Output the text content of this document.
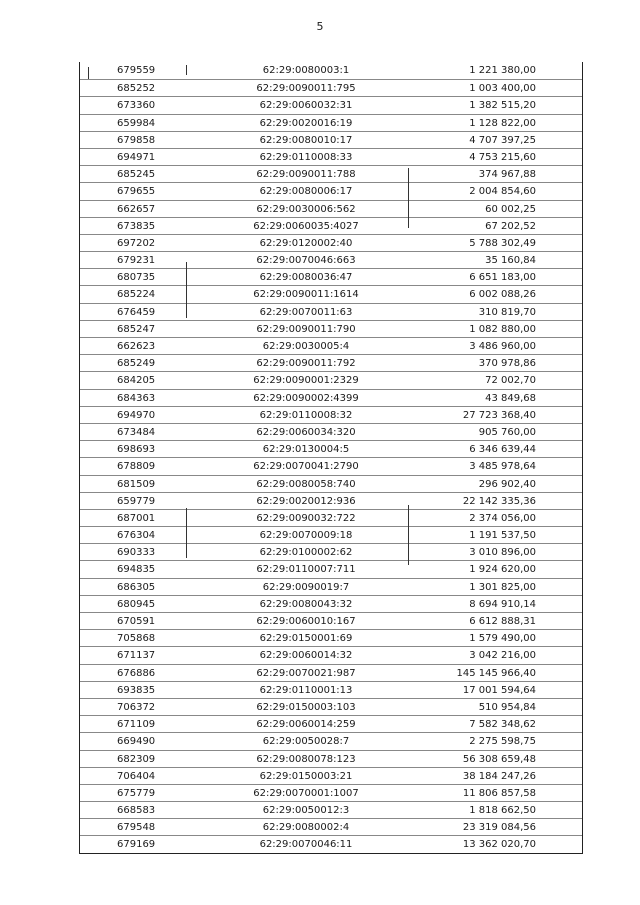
5
679559	62:29:0080003:1	1 221 380,00
685252	62:29:0090011:795	1 003 400,00
673360	62:29:0060032:31	1 382 515,20
659984	62:29:0020016:19	1 128 822,00
679858	62:29:0080010:17	4 707 397,25
694971	62:29:0110008:33	4 753 215,60
685245	62:29:0090011:788	374 967,88
679655	62:29:0080006:17	2 004 854,60
662657	62:29:0030006:562	60 002,25
673835	62:29:0060035:4027	67 202,52
697202	62:29:0120002:40	5 788 302,49
679231	62:29:0070046:663	35 160,84
680735	62:29:0080036:47	6 651 183,00
685224	62:29:0090011:1614	6 002 088,26
676459	62:29:0070011:63	310 819,70
685247	62:29:0090011:790	1 082 880,00
662623	62:29:0030005:4	3 486 960,00
685249	62:29:0090011:792	370 978,86
684205	62:29:0090001:2329	72 002,70
684363	62:29:0090002:4399	43 849,68
694970	62:29:0110008:32	27 723 368,40
673484	62:29:0060034:320	905 760,00
698693	62:29:0130004:5	6 346 639,44
678809	62:29:0070041:2790	3 485 978,64
681509	62:29:0080058:740	296 902,40
659779	62:29:0020012:936	22 142 335,36
687001	62:29:0090032:722	2 374 056,00
676304	62:29:0070009:18	1 191 537,50
690333	62:29:0100002:62	3 010 896,00
694835	62:29:0110007:711	1 924 620,00
686305	62:29:0090019:7	1 301 825,00
680945	62:29:0080043:32	8 694 910,14
670591	62:29:0060010:167	6 612 888,31
705868	62:29:0150001:69	1 579 490,00
671137	62:29:0060014:32	3 042 216,00
676886	62:29:0070021:987	145 145 966,40
693835	62:29:0110001:13	17 001 594,64
706372	62:29:0150003:103	510 954,84
671109	62:29:0060014:259	7 582 348,62
669490	62:29:0050028:7	2 275 598,75
682309	62:29:0080078:123	56 308 659,48
706404	62:29:0150003:21	38 184 247,26
675779	62:29:0070001:1007	11 806 857,58
668583	62:29:0050012:3	1 818 662,50
679548	62:29:0080002:4	23 319 084,56
679169	62:29:0070046:11	13 362 020,70
